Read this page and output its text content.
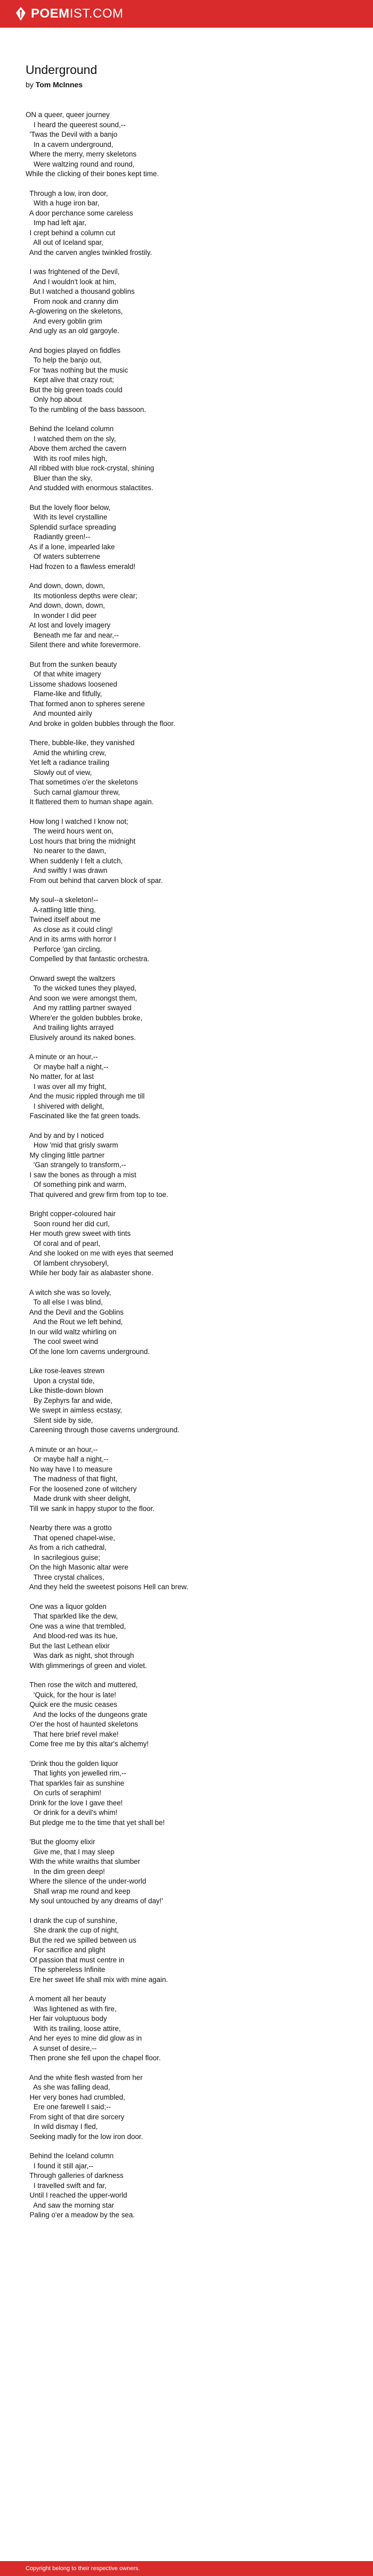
POEMIST.COM
Underground
by Tom McInnes
ON a queer, queer journey
I heard the queerest sound,--
'Twas the Devil with a banjo
In a cavern underground,
Where the merry, merry skeletons
Were waltzing round and round,
While the clicking of their bones kept time.
Through a low, iron door,
With a huge iron bar,
A door perchance some careless
Imp had left ajar,
I crept behind a column cut
All out of Iceland spar,
And the carven angles twinkled frostily.
I was frightened of the Devil,
And I wouldn't look at him,
But I watched a thousand goblins
From nook and cranny dim
A-glowering on the skeletons,
And every goblin grim
And ugly as an old gargoyle.
And bogies played on fiddles
To help the banjo out,
For 'twas nothing but the music
Kept alive that crazy rout;
But the big green toads could
Only hop about
To the rumbling of the bass bassoon.
Behind the Iceland column
I watched them on the sly,
Above them arched the cavern
With its roof miles high,
All ribbed with blue rock-crystal, shining
Bluer than the sky,
And studded with enormous stalactites.
But the lovely floor below,
With its level crystalline
Splendid surface spreading
Radiantly green!--
As if a lone, impearled lake
Of waters subterrene
Had frozen to a flawless emerald!
And down, down, down,
Its motionless depths were clear;
And down, down, down,
In wonder I did peer
At lost and lovely imagery
Beneath me far and near,--
Silent there and white forevermore.
But from the sunken beauty
Of that white imagery
Lissome shadows loosened
Flame-like and fitfully,
That formed anon to spheres serene
And mounted airily
And broke in golden bubbles through the floor.
There, bubble-like, they vanished
Amid the whirling crew,
Yet left a radiance trailing
Slowly out of view,
That sometimes o'er the skeletons
Such carnal glamour threw,
It flattered them to human shape again.
How long I watched I know not;
The weird hours went on,
Lost hours that bring the midnight
No nearer to the dawn,
When suddenly I felt a clutch,
And swiftly I was drawn
From out behind that carven block of spar.
My soul--a skeleton!--
A-rattling little thing,
Twined itself about me
As close as it could cling!
And in its arms with horror I
Perforce 'gan circling.
Compelled by that fantastic orchestra.
Onward swept the waltzers
To the wicked tunes they played,
And soon we were amongst them,
And my rattling partner swayed
Where'er the golden bubbles broke,
And trailing lights arrayed
Elusively around its naked bones.
A minute or an hour,--
Or maybe half a night,--
No matter, for at last
I was over all my fright,
And the music rippled through me till
I shivered with delight,
Fascinated like the fat green toads.
And by and by I noticed
How 'mid that grisly swarm
My clinging little partner
'Gan strangely to transform,--
I saw the bones as through a mist
Of something pink and warm,
That quivered and grew firm from top to toe.
Bright copper-coloured hair
Soon round her did curl,
Her mouth grew sweet with tints
Of coral and of pearl,
And she looked on me with eyes that seemed
Of lambent chrysoberyl,
While her body fair as alabaster shone.
A witch she was so lovely,
To all else I was blind,
And the Devil and the Goblins
And the Rout we left behind,
In our wild waltz whirling on
The cool sweet wind
Of the lone lorn caverns underground.
Like rose-leaves strewn
Upon a crystal tide,
Like thistle-down blown
By Zephyrs far and wide,
We swept in aimless ecstasy,
Silent side by side,
Careening through those caverns underground.
A minute or an hour,--
Or maybe half a night,--
No way have I to measure
The madness of that flight,
For the loosened zone of witchery
Made drunk with sheer delight,
Till we sank in happy stupor to the floor.
Nearby there was a grotto
That opened chapel-wise,
As from a rich cathedral,
In sacrilegious guise;
On the high Masonic altar were
Three crystal chalices,
And they held the sweetest poisons Hell can brew.
One was a liquor golden
That sparkled like the dew,
One was a wine that trembled,
And blood-red was its hue,
But the last Lethean elixir
Was dark as night, shot through
With glimmerings of green and violet.
Then rose the witch and muttered,
'Quick, for the hour is late!
Quick ere the music ceases
And the locks of the dungeons grate
O'er the host of haunted skeletons
That here brief revel make!
Come free me by this altar's alchemy!
'Drink thou the golden liquor
That lights yon jewelled rim,--
That sparkles fair as sunshine
On curls of seraphim!
Drink for the love I gave thee!
Or drink for a devil's whim!
But pledge me to the time that yet shall be!
'But the gloomy elixir
Give me, that I may sleep
With the white wraiths that slumber
In the dim green deep!
Where the silence of the under-world
Shall wrap me round and keep
My soul untouched by any dreams of day!'
I drank the cup of sunshine,
She drank the cup of night,
But the red we spilled between us
For sacrifice and plight
Of passion that must centre in
The sphereless Infinite
Ere her sweet life shall mix with mine again.
A moment all her beauty
Was lightened as with fire,
Her fair voluptuous body
With its trailing, loose attire,
And her eyes to mine did glow as in
A sunset of desire,--
Then prone she fell upon the chapel floor.
And the white flesh wasted from her
As she was falling dead,
Her very bones had crumbled,
Ere one farewell I said;--
From sight of that dire sorcery
In wild dismay I fled,
Seeking madly for the low iron door.
Behind the Iceland column
I found it still ajar,--
Through galleries of darkness
I travelled swift and far,
Until I reached the upper-world
And saw the morning star
Paling o'er a meadow by the sea.
Copyright belong to their respective owners.
